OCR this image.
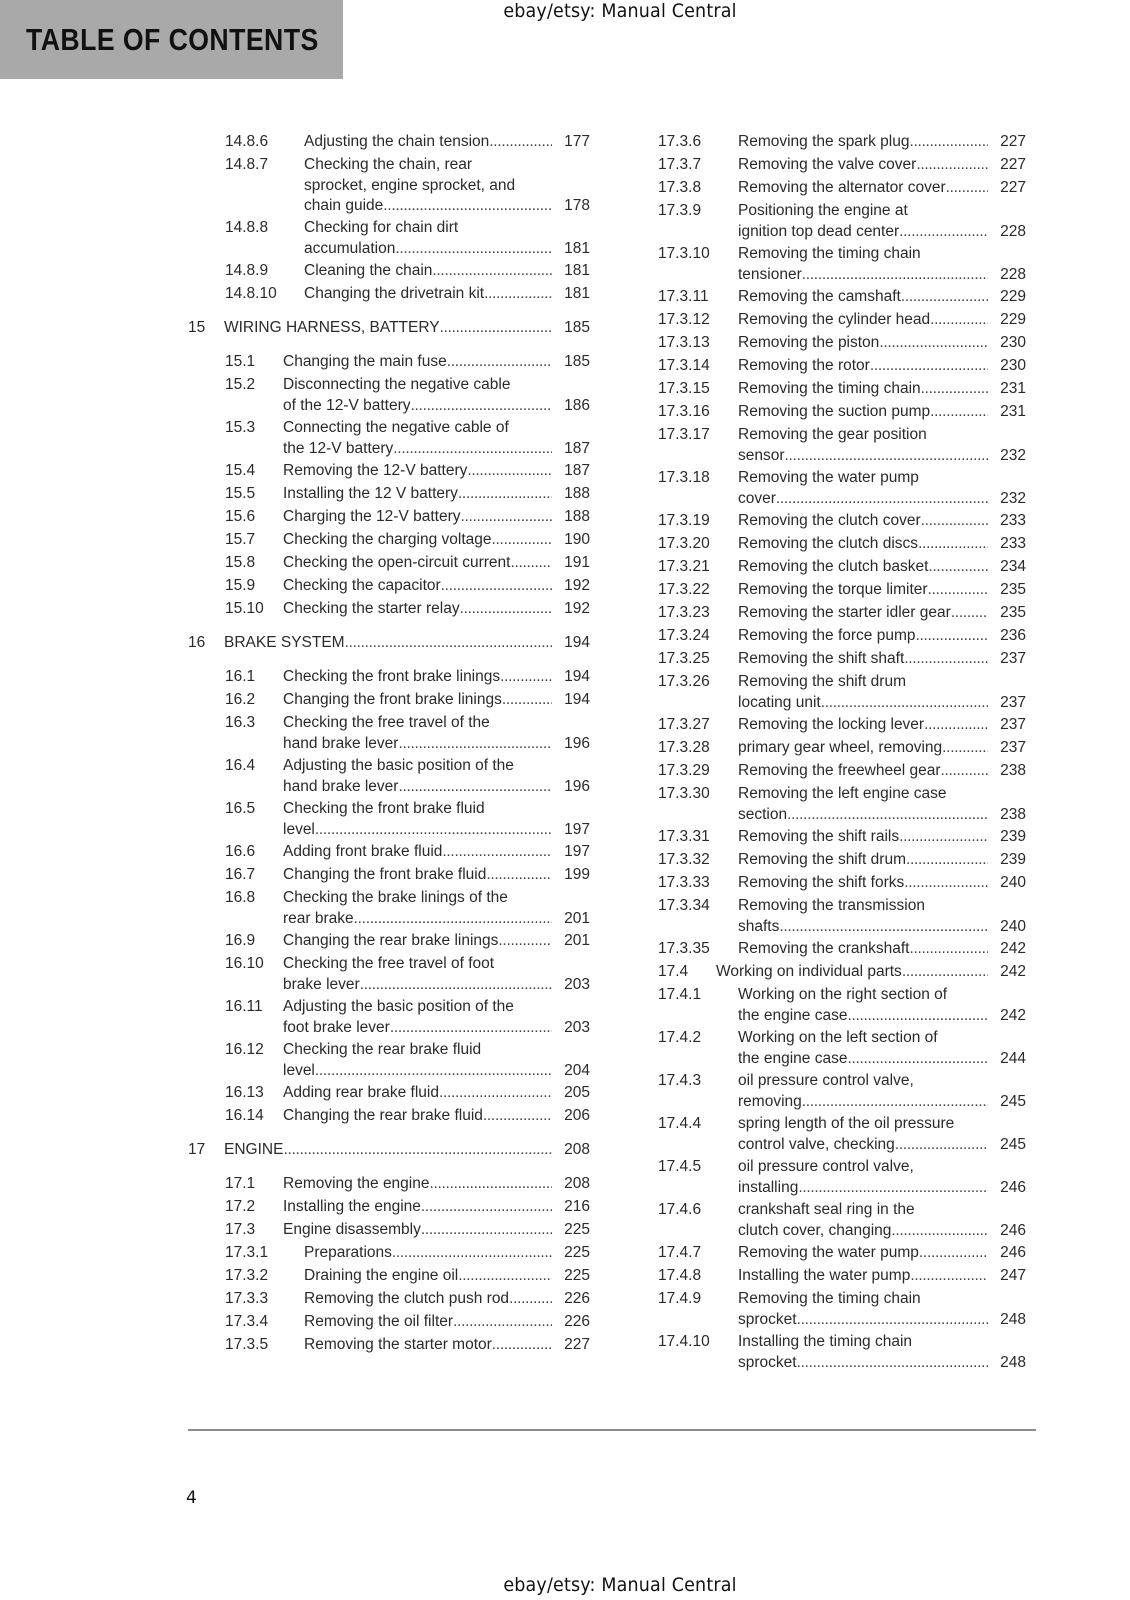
ebay/etsy: Manual Central
TABLE OF CONTENTS
14.8.6 Adjusting the chain tension . . .	177
14.8.7 Checking the chain, rear
sprocket, engine sprocket, and
chain guide . . .	178
14.8.8 Checking for chain dirt
accumulation . . .	181
14.8.9 Cleaning the chain . . .	181
14.8.10 Changing the drivetrain kit . . .	181
15 WIRING HARNESS, BATTERY . . .	185
15.1 Changing the main fuse . . .	185
15.2 Disconnecting the negative cable
of the 12-V battery . . .	186
15.3 Connecting the negative cable of
the 12-V battery . . .	187
15.4 Removing the 12-V battery . . .	187
15.5 Installing the 12 V battery . . .	188
15.6 Charging the 12-V battery . . .	188
15.7 Checking the charging voltage . . .	190
15.8 Checking the open-circuit current . . .	191
15.9 Checking the capacitor . . .	192
15.10 Checking the starter relay . . .	192
16 BRAKE SYSTEM . . .	194
16.1 Checking the front brake linings . . .	194
16.2 Changing the front brake linings . . .	194
16.3 Checking the free travel of the
hand brake lever . . .	196
16.4 Adjusting the basic position of the
hand brake lever . . .	196
16.5 Checking the front brake fluid
level . . .	197
16.6 Adding front brake fluid . . .	197
16.7 Changing the front brake fluid . . .	199
16.8 Checking the brake linings of the
rear brake . . .	201
16.9 Changing the rear brake linings . . .	201
16.10 Checking the free travel of foot
brake lever . . .	203
16.11 Adjusting the basic position of the
foot brake lever . . .	203
16.12 Checking the rear brake fluid
level . . .	204
16.13 Adding rear brake fluid . . .	205
16.14 Changing the rear brake fluid . . .	206
17 ENGINE . . .	208
17.1 Removing the engine . . .	208
17.2 Installing the engine . . .	216
17.3 Engine disassembly . . .	225
17.3.1 Preparations . . .	225
17.3.2 Draining the engine oil . . .	225
17.3.3 Removing the clutch push rod . . .	226
17.3.4 Removing the oil filter . . .	226
17.3.5 Removing the starter motor . . .	227
17.3.6 Removing the spark plug . . .	227
17.3.7 Removing the valve cover . . .	227
17.3.8 Removing the alternator cover . . .	227
17.3.9 Positioning the engine at
ignition top dead center . . .	228
17.3.10 Removing the timing chain
tensioner . . .	228
17.3.11 Removing the camshaft . . .	229
17.3.12 Removing the cylinder head . . .	229
17.3.13 Removing the piston . . .	230
17.3.14 Removing the rotor . . .	230
17.3.15 Removing the timing chain . . .	231
17.3.16 Removing the suction pump . . .	231
17.3.17 Removing the gear position
sensor . . .	232
17.3.18 Removing the water pump
cover . . .	232
17.3.19 Removing the clutch cover . . .	233
17.3.20 Removing the clutch discs . . .	233
17.3.21 Removing the clutch basket . . .	234
17.3.22 Removing the torque limiter . . .	235
17.3.23 Removing the starter idler gear . . .	235
17.3.24 Removing the force pump . . .	236
17.3.25 Removing the shift shaft . . .	237
17.3.26 Removing the shift drum
locating unit . . .	237
17.3.27 Removing the locking lever . . .	237
17.3.28 primary gear wheel, removing . . .	237
17.3.29 Removing the freewheel gear . . .	238
17.3.30 Removing the left engine case
section . . .	238
17.3.31 Removing the shift rails . . .	239
17.3.32 Removing the shift drum . . .	239
17.3.33 Removing the shift forks . . .	240
17.3.34 Removing the transmission
shafts . . .	240
17.3.35 Removing the crankshaft . . .	242
17.4 Working on individual parts . . .	242
17.4.1 Working on the right section of
the engine case . . .	242
17.4.2 Working on the left section of
the engine case . . .	244
17.4.3 oil pressure control valve,
removing . . .	245
17.4.4 spring length of the oil pressure
control valve, checking . . .	245
17.4.5 oil pressure control valve,
installing . . .	246
17.4.6 crankshaft seal ring in the
clutch cover, changing . . .	246
17.4.7 Removing the water pump . . .	246
17.4.8 Installing the water pump . . .	247
17.4.9 Removing the timing chain
sprocket . . .	248
17.4.10 Installing the timing chain
sprocket . . .	248
4
ebay/etsy: Manual Central
